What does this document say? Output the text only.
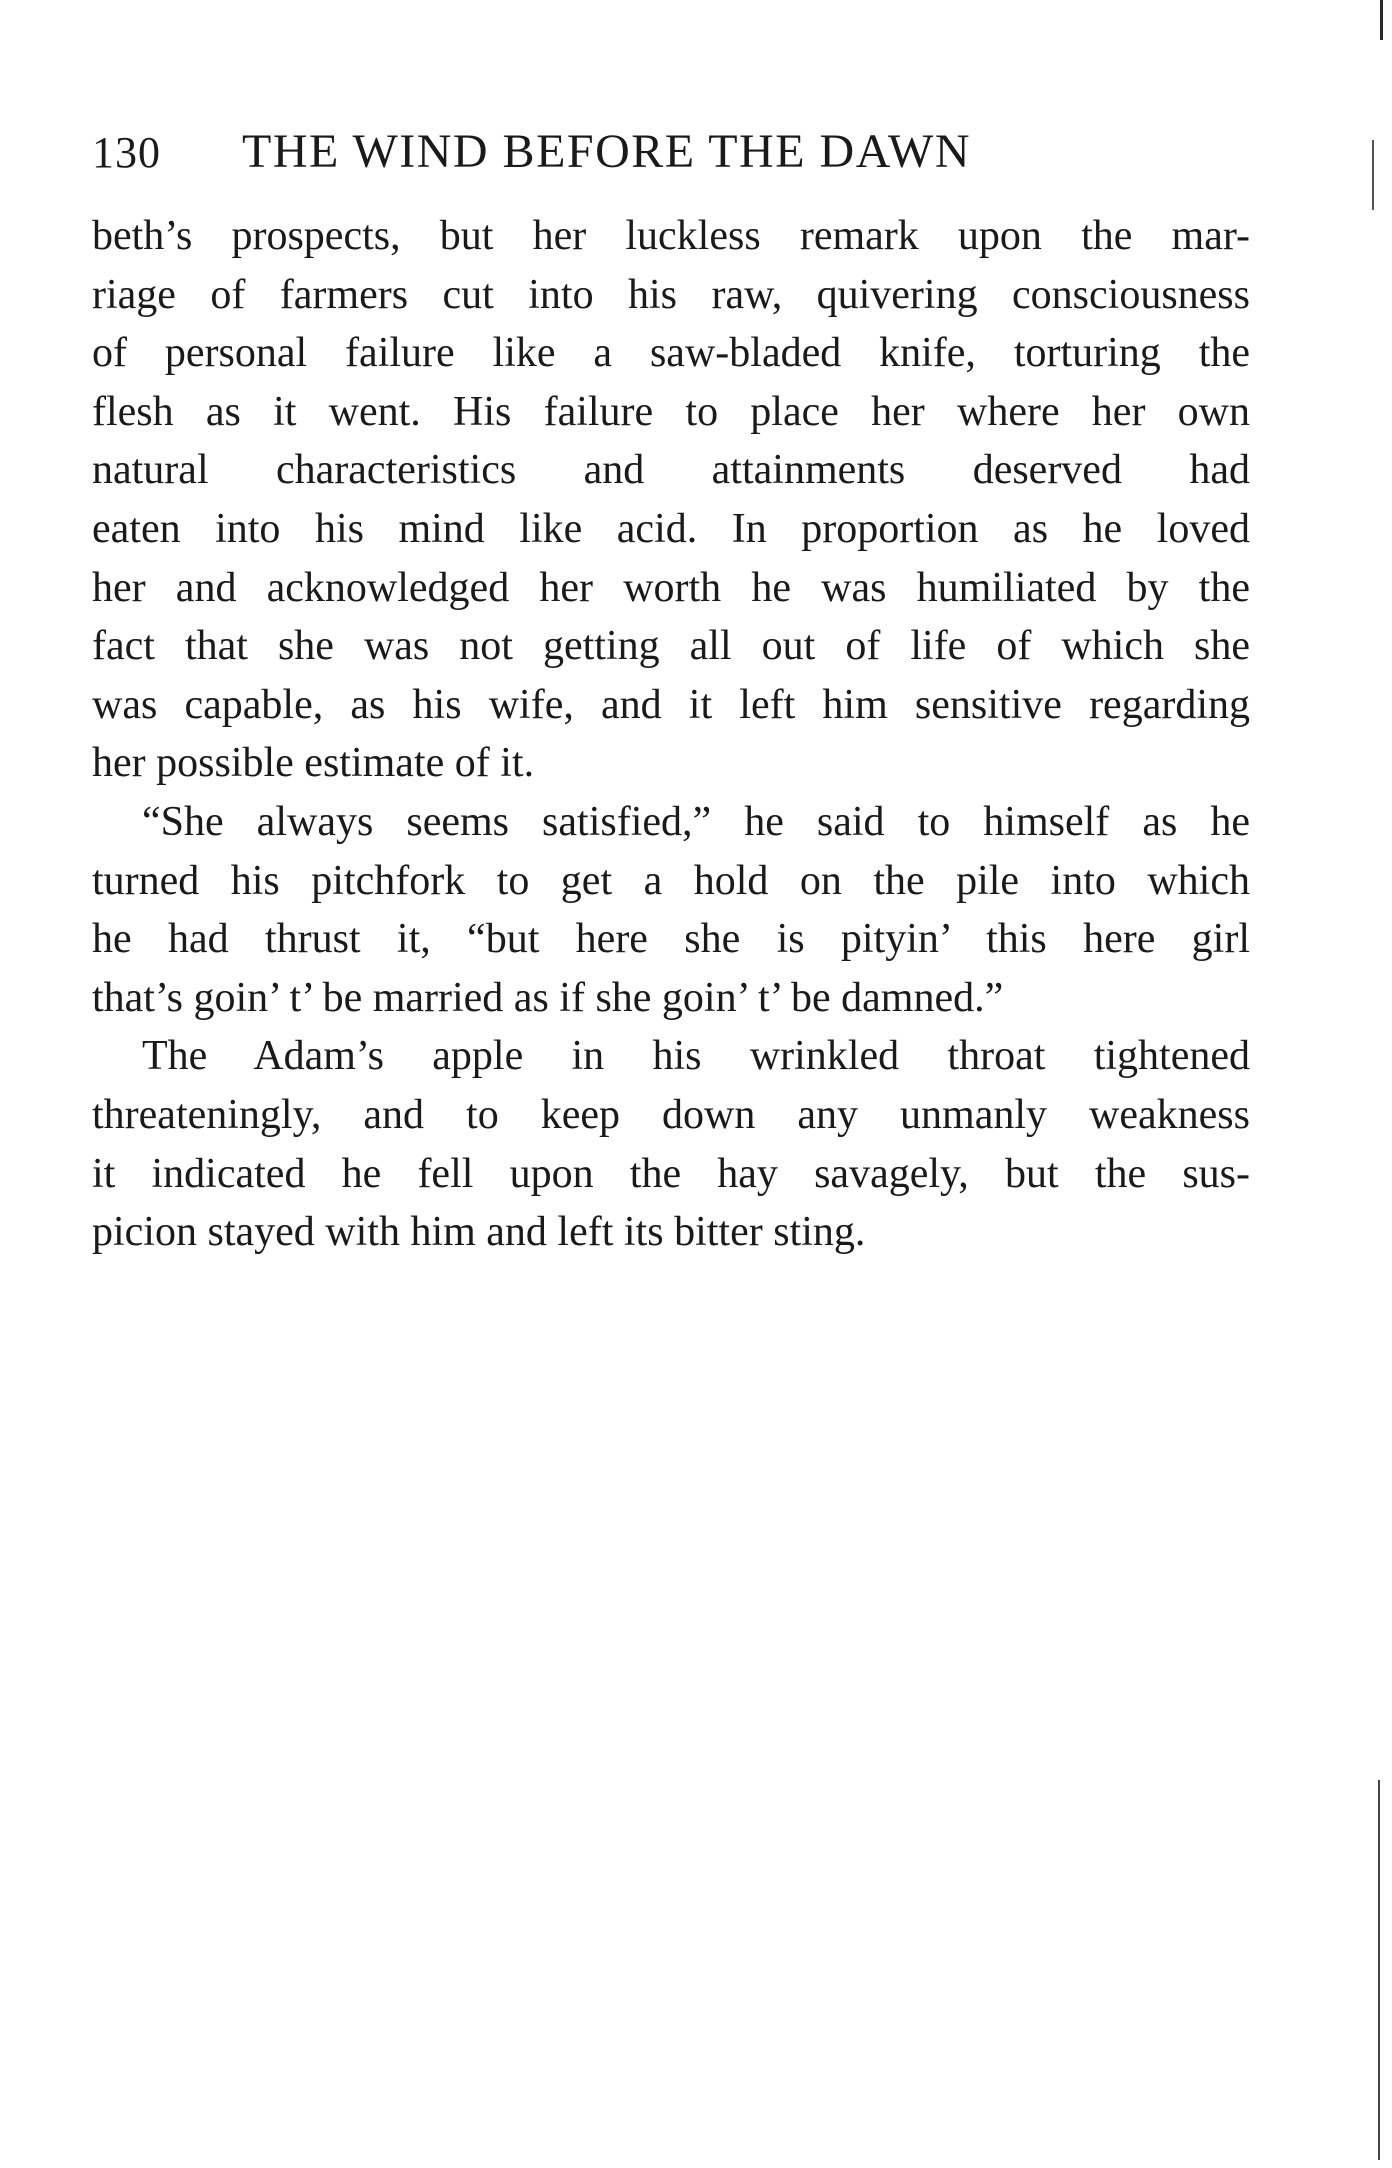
130 THE WIND BEFORE THE DAWN
beth’s prospects, but her luckless remark upon the mar-
riage of farmers cut into his raw, quivering consciousness
of personal failure like a saw-bladed knife, torturing the
flesh as it went. His failure to place her where her own
natural characteristics and attainments deserved had
eaten into his mind like acid. In proportion as he loved
her and acknowledged her worth he was humiliated by the
fact that she was not getting all out of life of which she
was capable, as his wife, and it left him sensitive regarding
her possible estimate of it.
“She always seems satisfied,” he said to himself as he
turned his pitchfork to get a hold on the pile into which
he had thrust it, “but here she is pityin’ this here girl
that’s goin’ t’ be married as if she goin’ t’ be damned.”
The Adam’s apple in his wrinkled throat tightened
threateningly, and to keep down any unmanly weakness
it indicated he fell upon the hay savagely, but the sus-
picion stayed with him and left its bitter sting.
